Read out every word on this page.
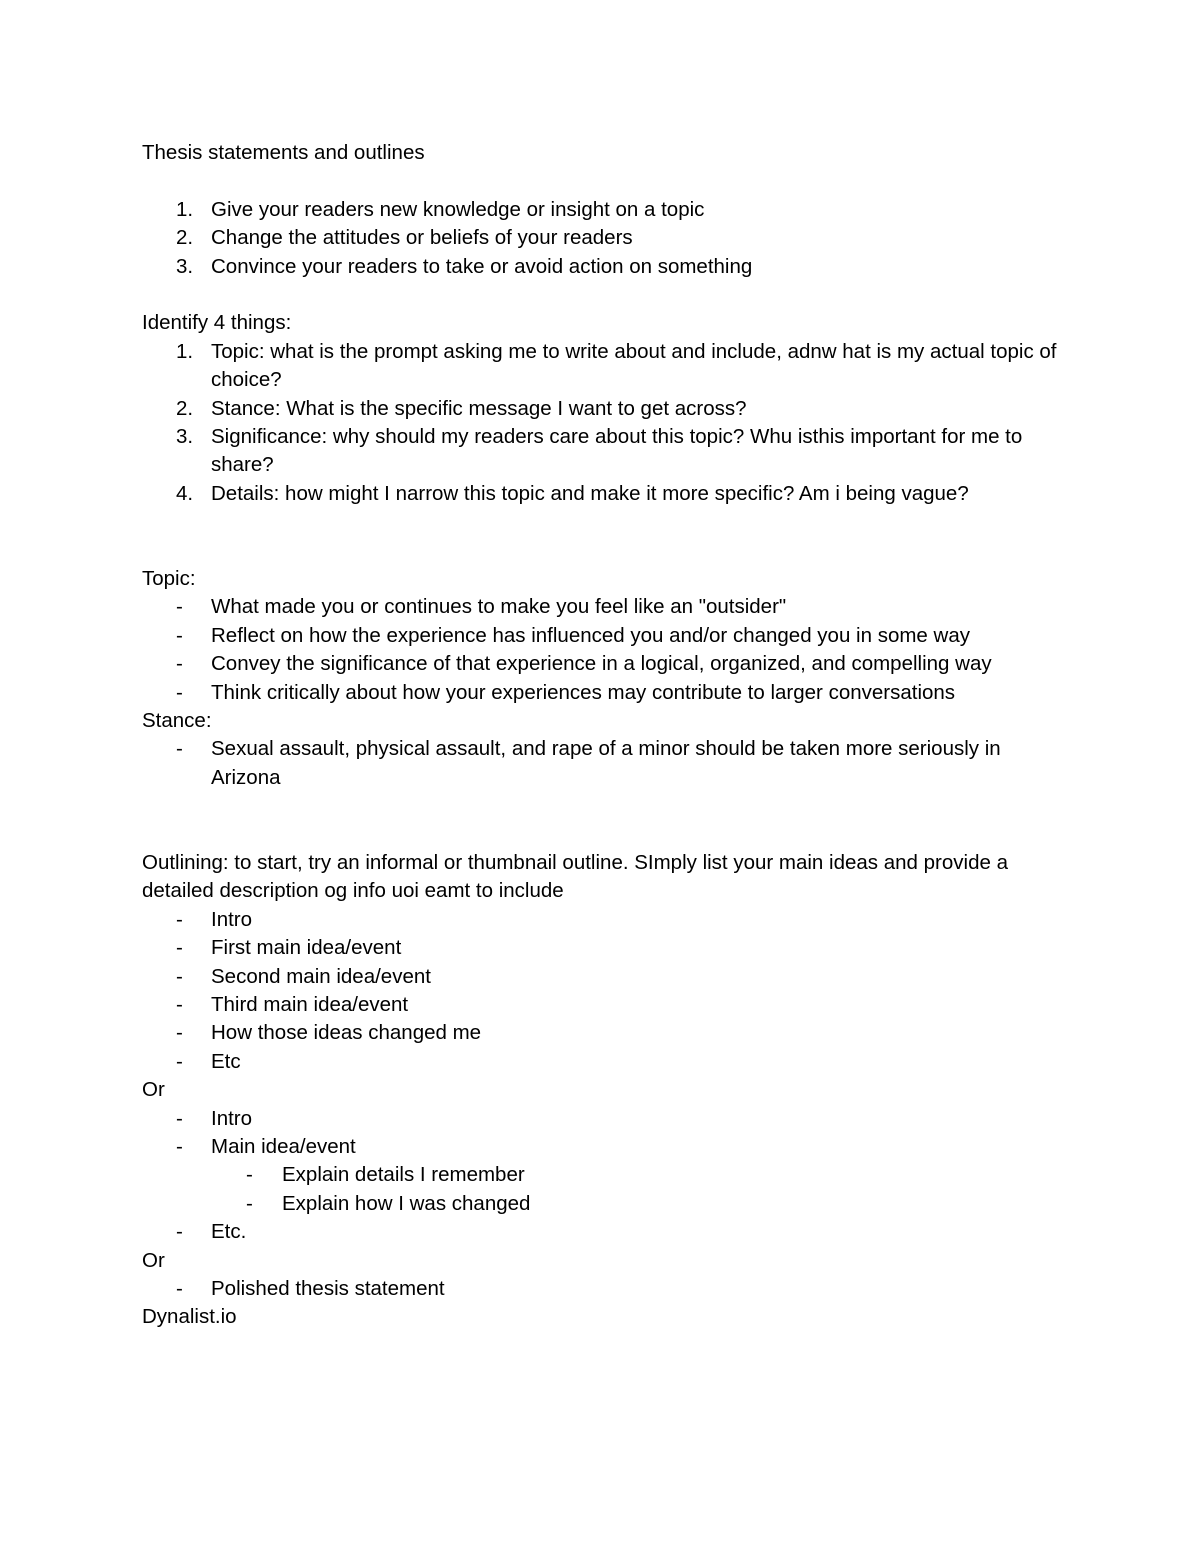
Thesis statements and outlines
1. Give your readers new knowledge or insight on a topic
2. Change the attitudes or beliefs of your readers
3. Convince your readers to take or avoid action on something
Identify 4 things:
1. Topic: what is the prompt asking me to write about and include, adnw hat is my actual topic of choice?
2. Stance: What is the specific message I want to get across?
3. Significance: why should my readers care about this topic? Whu isthis important for me to share?
4. Details: how might I narrow this topic and make it more specific? Am i being vague?
Topic:
-	What made you or continues to make you feel like an "outsider"
-	Reflect on how the experience has influenced you and/or changed you in some way
-	Convey the significance of that experience in a logical, organized, and compelling way
-	Think critically about how your experiences may contribute to larger conversations
Stance:
-	Sexual assault, physical assault, and rape of a minor should be taken more seriously in Arizona
Outlining: to start, try an informal or thumbnail outline. SImply list your main ideas and provide a detailed description og info uoi eamt to include
-	Intro
-	First main idea/event
-	Second main idea/event
-	Third main idea/event
-	How those ideas changed me
-	Etc
Or
-	Intro
-	Main idea/event
-	Explain details I remember
-	Explain how I was changed
-	Etc.
Or
-	Polished thesis statement
Dynalist.io
